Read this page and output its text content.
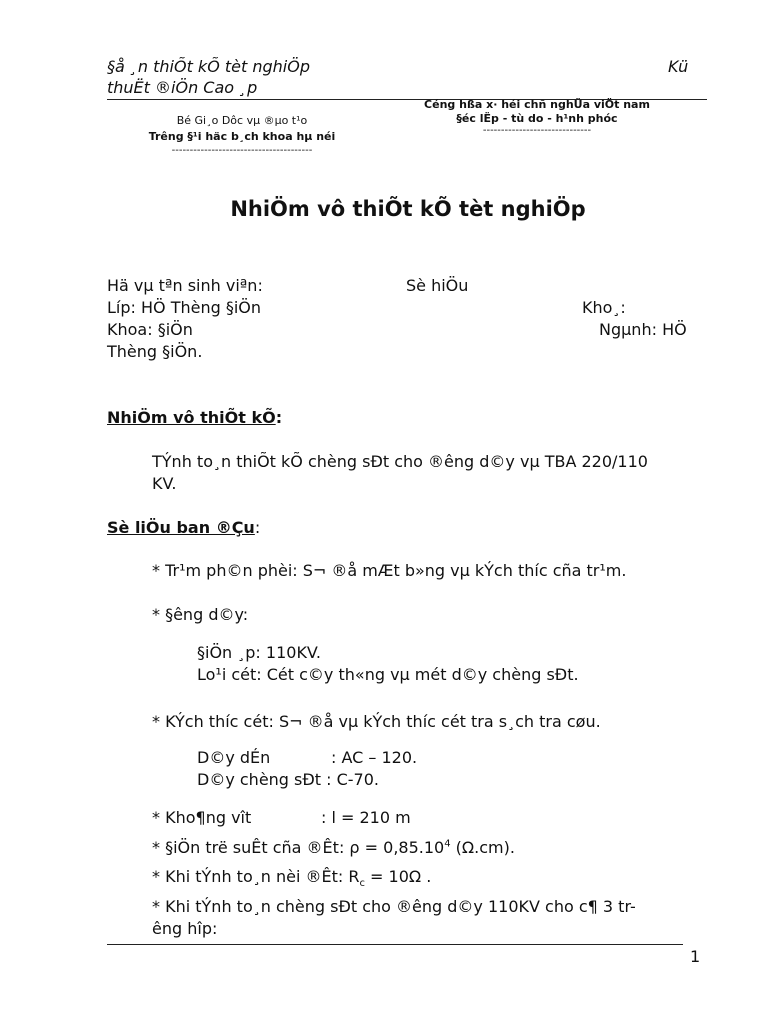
§å ¸n thiÕt kÕ tèt nghiÖp	Kü
thuËt ®iÖn Cao ¸p
Bé Gi¸o Dôc vµ ®µo t¹o
Trêng §¹i häc b¸ch khoa hµ néi
---------------------------------------
Céng hßa x· héi chñ nghÜa viÖt nam
§éc lËp - tù do - h¹nh phóc
------------------------------
NhiÖm vô thiÕt kÕ tèt nghiÖp
Hä vµ tªn sinh viªn:	Sè hiÖu
Líp: HÖ Thèng §iÖn	Kho¸:
Khoa: §iÖn	Ngµnh: HÖ
Thèng §iÖn.
NhiÖm vô thiÕt kÕ:
TÝnh to¸n thiÕt kÕ chèng sÐt cho ®êng d©y vµ TBA 220/110
KV.
Sè liÖu ban ®Çu:
* Tr¹m ph©n phèi: S¬ ®å mÆt b»ng vµ kÝch thíc cña tr¹m.
* §êng d©y:
§iÖn ¸p: 110KV.
Lo¹i cét: Cét c©y th«ng vµ mét d©y chèng sÐt.
* KÝch thíc cét: S¬ ®å vµ kÝch thíc cét tra s¸ch tra cøu.
D©y dÉn	: AC – 120.
D©y chèng sÐt : C-70.
* Kho¶ng vît	: l = 210 m
* §iÖn trë suÊt cña ®Êt: $\rho = 0,85.10^4$ (Ω.cm).
* Khi tÝnh to¸n nèi ®Êt: $R_c = 10\Omega$ .
* Khi tÝnh to¸n chèng sÐt cho ®êng d©y 110KV cho c¶ 3 tr-
êng hîp:
1
